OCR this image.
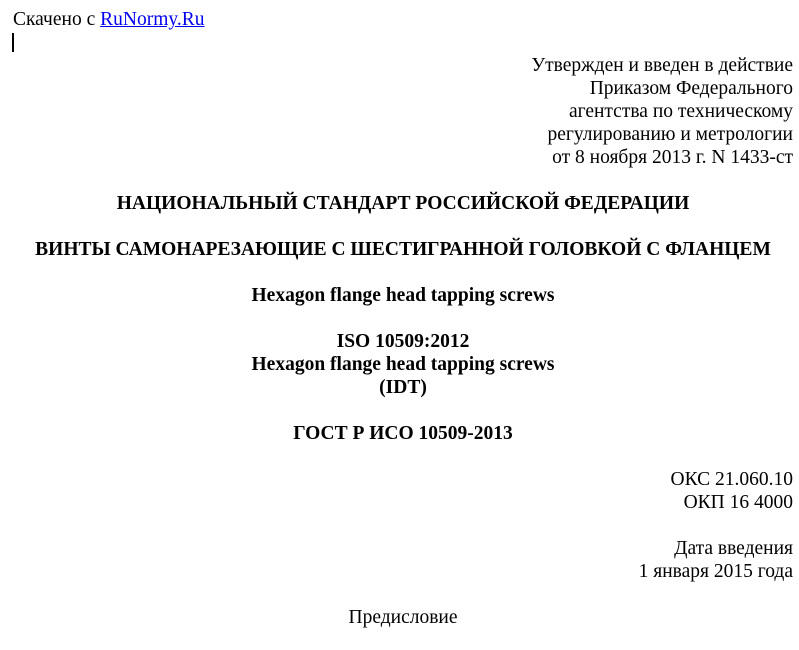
Скачено с RuNormy.Ru
Утвержден и введен в действие
Приказом Федерального
агентства по техническому
регулированию и метрологии
от 8 ноября 2013 г. N 1433-ст
НАЦИОНАЛЬНЫЙ СТАНДАРТ РОССИЙСКОЙ ФЕДЕРАЦИИ
ВИНТЫ САМОНАРЕЗАЮЩИЕ С ШЕСТИГРАННОЙ ГОЛОВКОЙ С ФЛАНЦЕМ
Hexagon flange head tapping screws
ISO 10509:2012
Hexagon flange head tapping screws
(IDT)
ГОСТ Р ИСО 10509-2013
ОКС 21.060.10
ОКП 16 4000
Дата введения
1 января 2015 года
Предисловие
